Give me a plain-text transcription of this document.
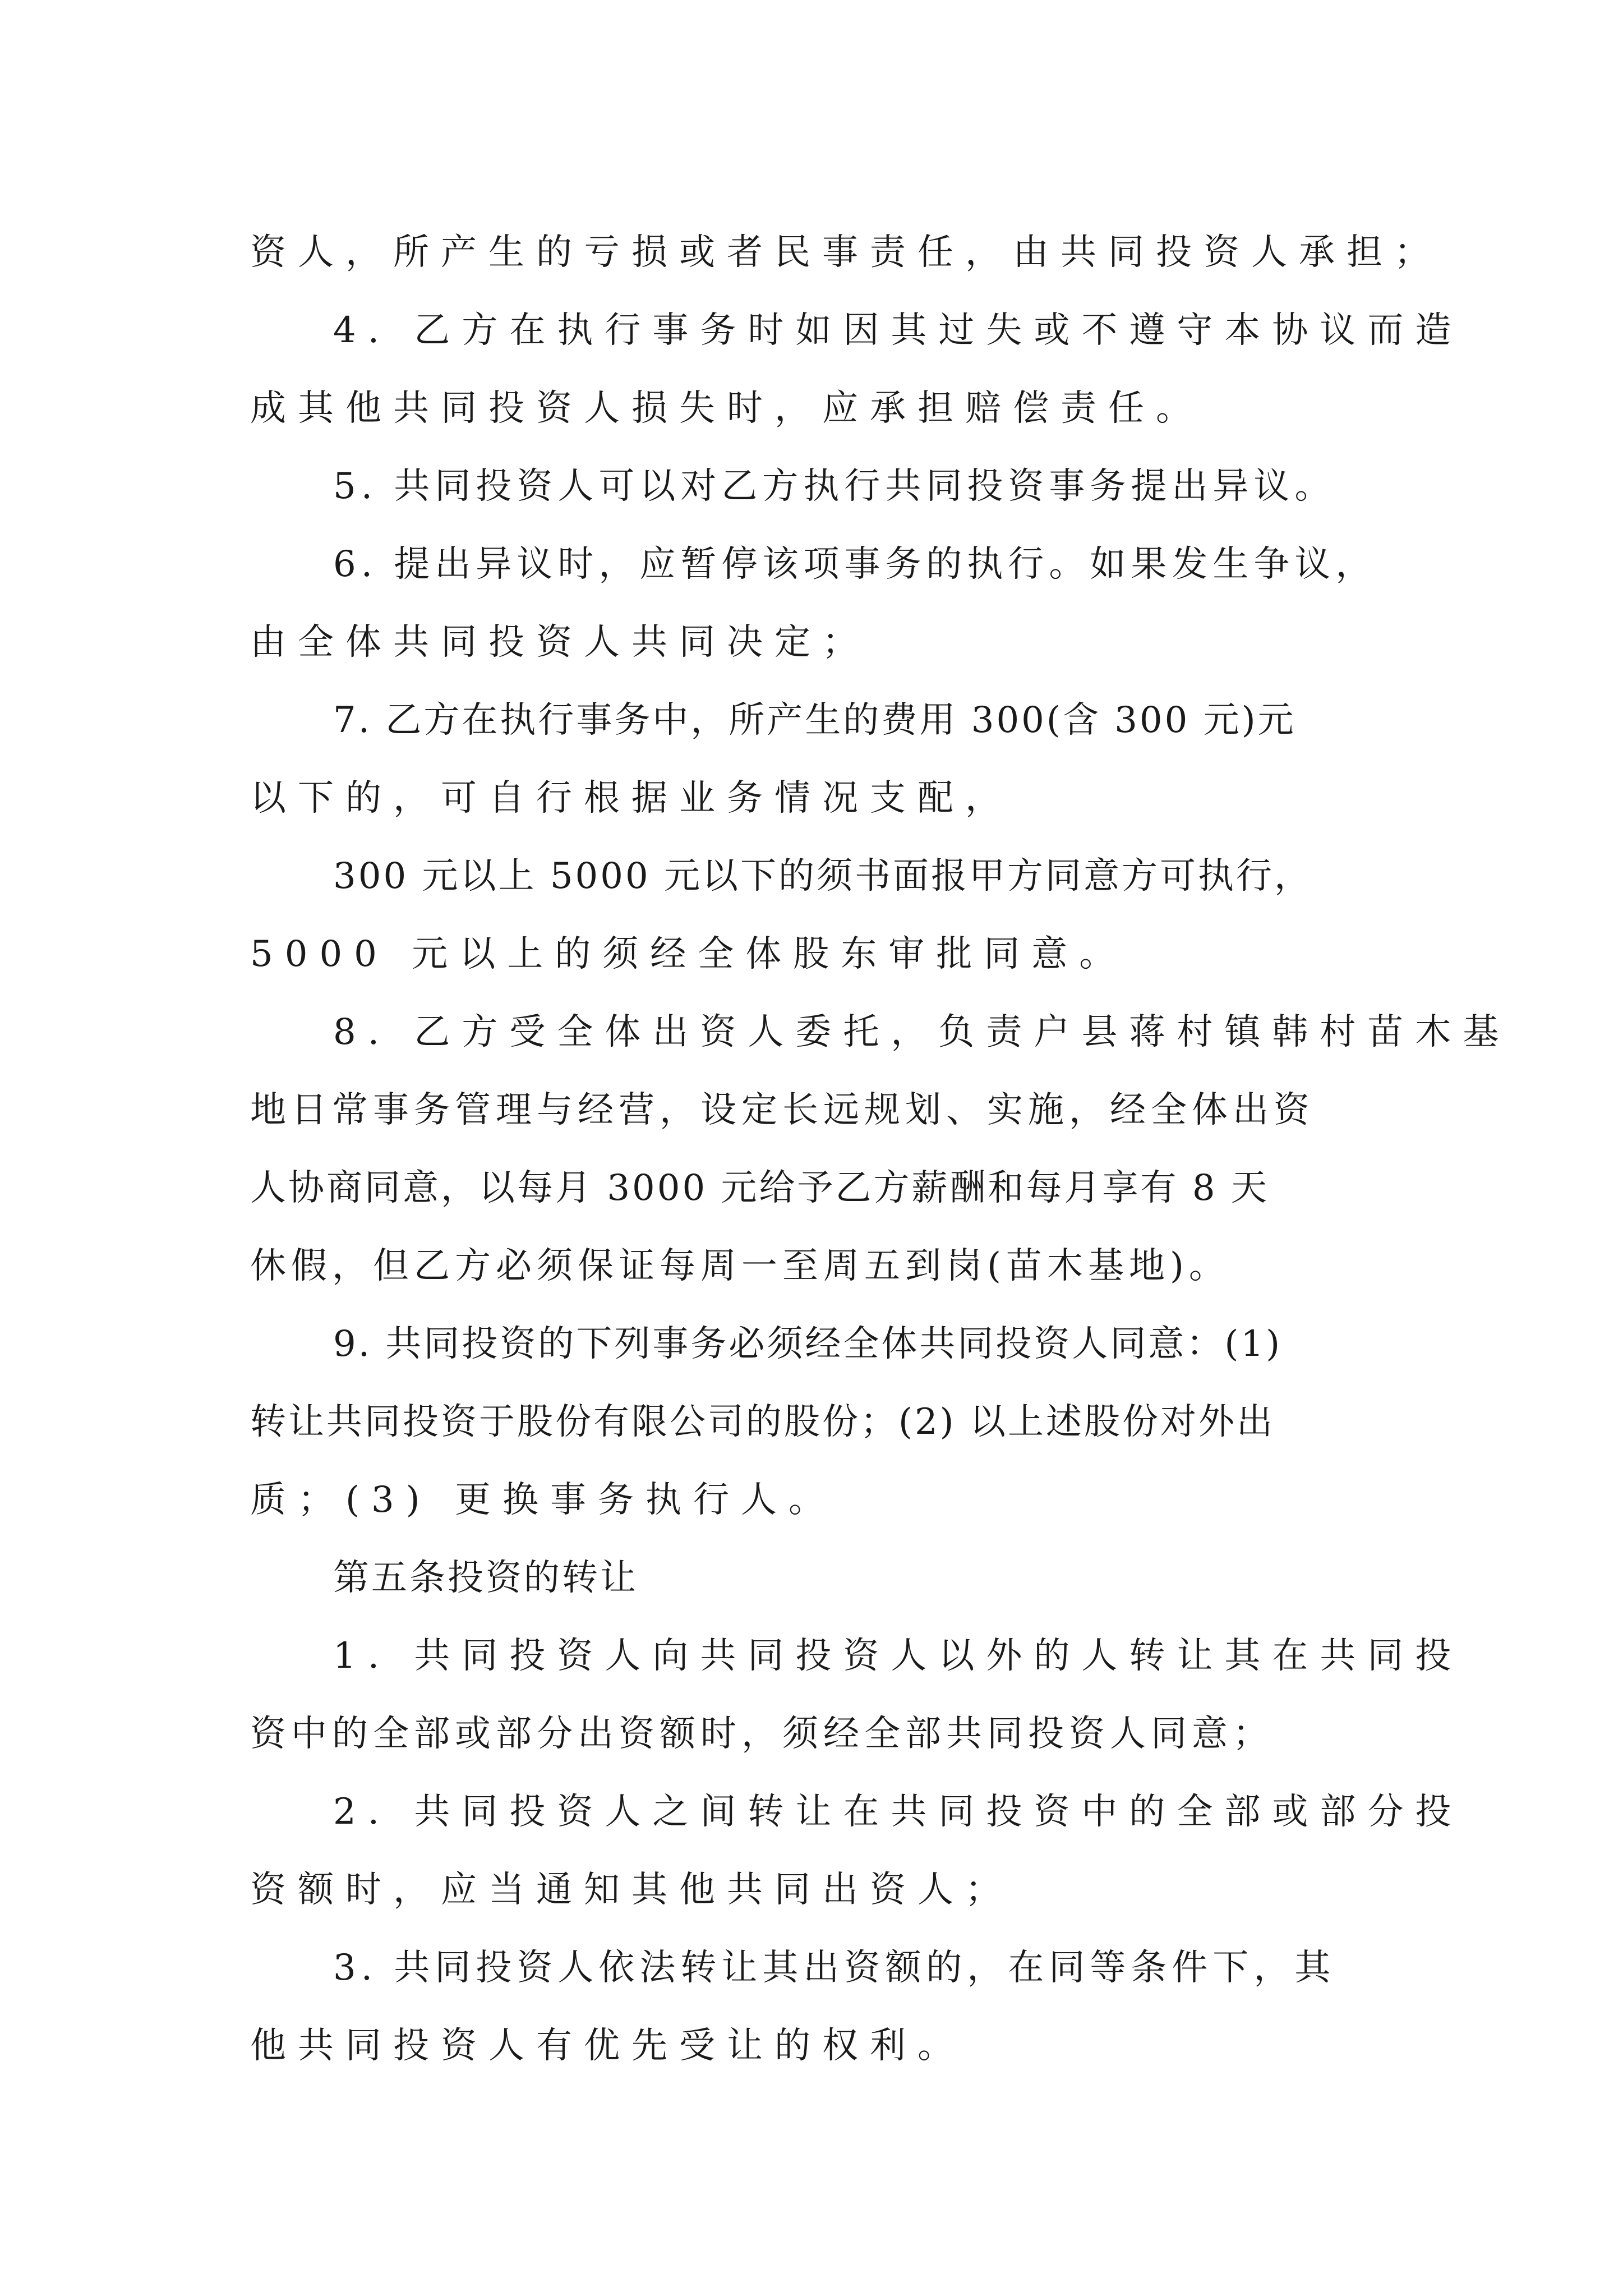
资人，所产生的亏损或者民事责任，由共同投资人承担；
4. 乙方在执行事务时如因其过失或不遵守本协议而造
成其他共同投资人损失时，应承担赔偿责任。
5. 共同投资人可以对乙方执行共同投资事务提出异议。
6. 提出异议时，应暂停该项事务的执行。如果发生争议，
由全体共同投资人共同决定；
7. 乙方在执行事务中，所产生的费用 300(含 300 元)元
以下的，可自行根据业务情况支配，
300 元以上 5000 元以下的须书面报甲方同意方可执行，
5000 元以上的须经全体股东审批同意。
8. 乙方受全体出资人委托，负责户县蒋村镇韩村苗木基
地日常事务管理与经营，设定长远规划、实施，经全体出资
人协商同意，以每月 3000 元给予乙方薪酬和每月享有 8 天
休假，但乙方必须保证每周一至周五到岗(苗木基地)。
9. 共同投资的下列事务必须经全体共同投资人同意：(1)
转让共同投资于股份有限公司的股份；(2) 以上述股份对外出
质；(3) 更换事务执行人。
第五条投资的转让
1. 共同投资人向共同投资人以外的人转让其在共同投
资中的全部或部分出资额时，须经全部共同投资人同意；
2. 共同投资人之间转让在共同投资中的全部或部分投
资额时，应当通知其他共同出资人；
3. 共同投资人依法转让其出资额的，在同等条件下，其
他共同投资人有优先受让的权利。
